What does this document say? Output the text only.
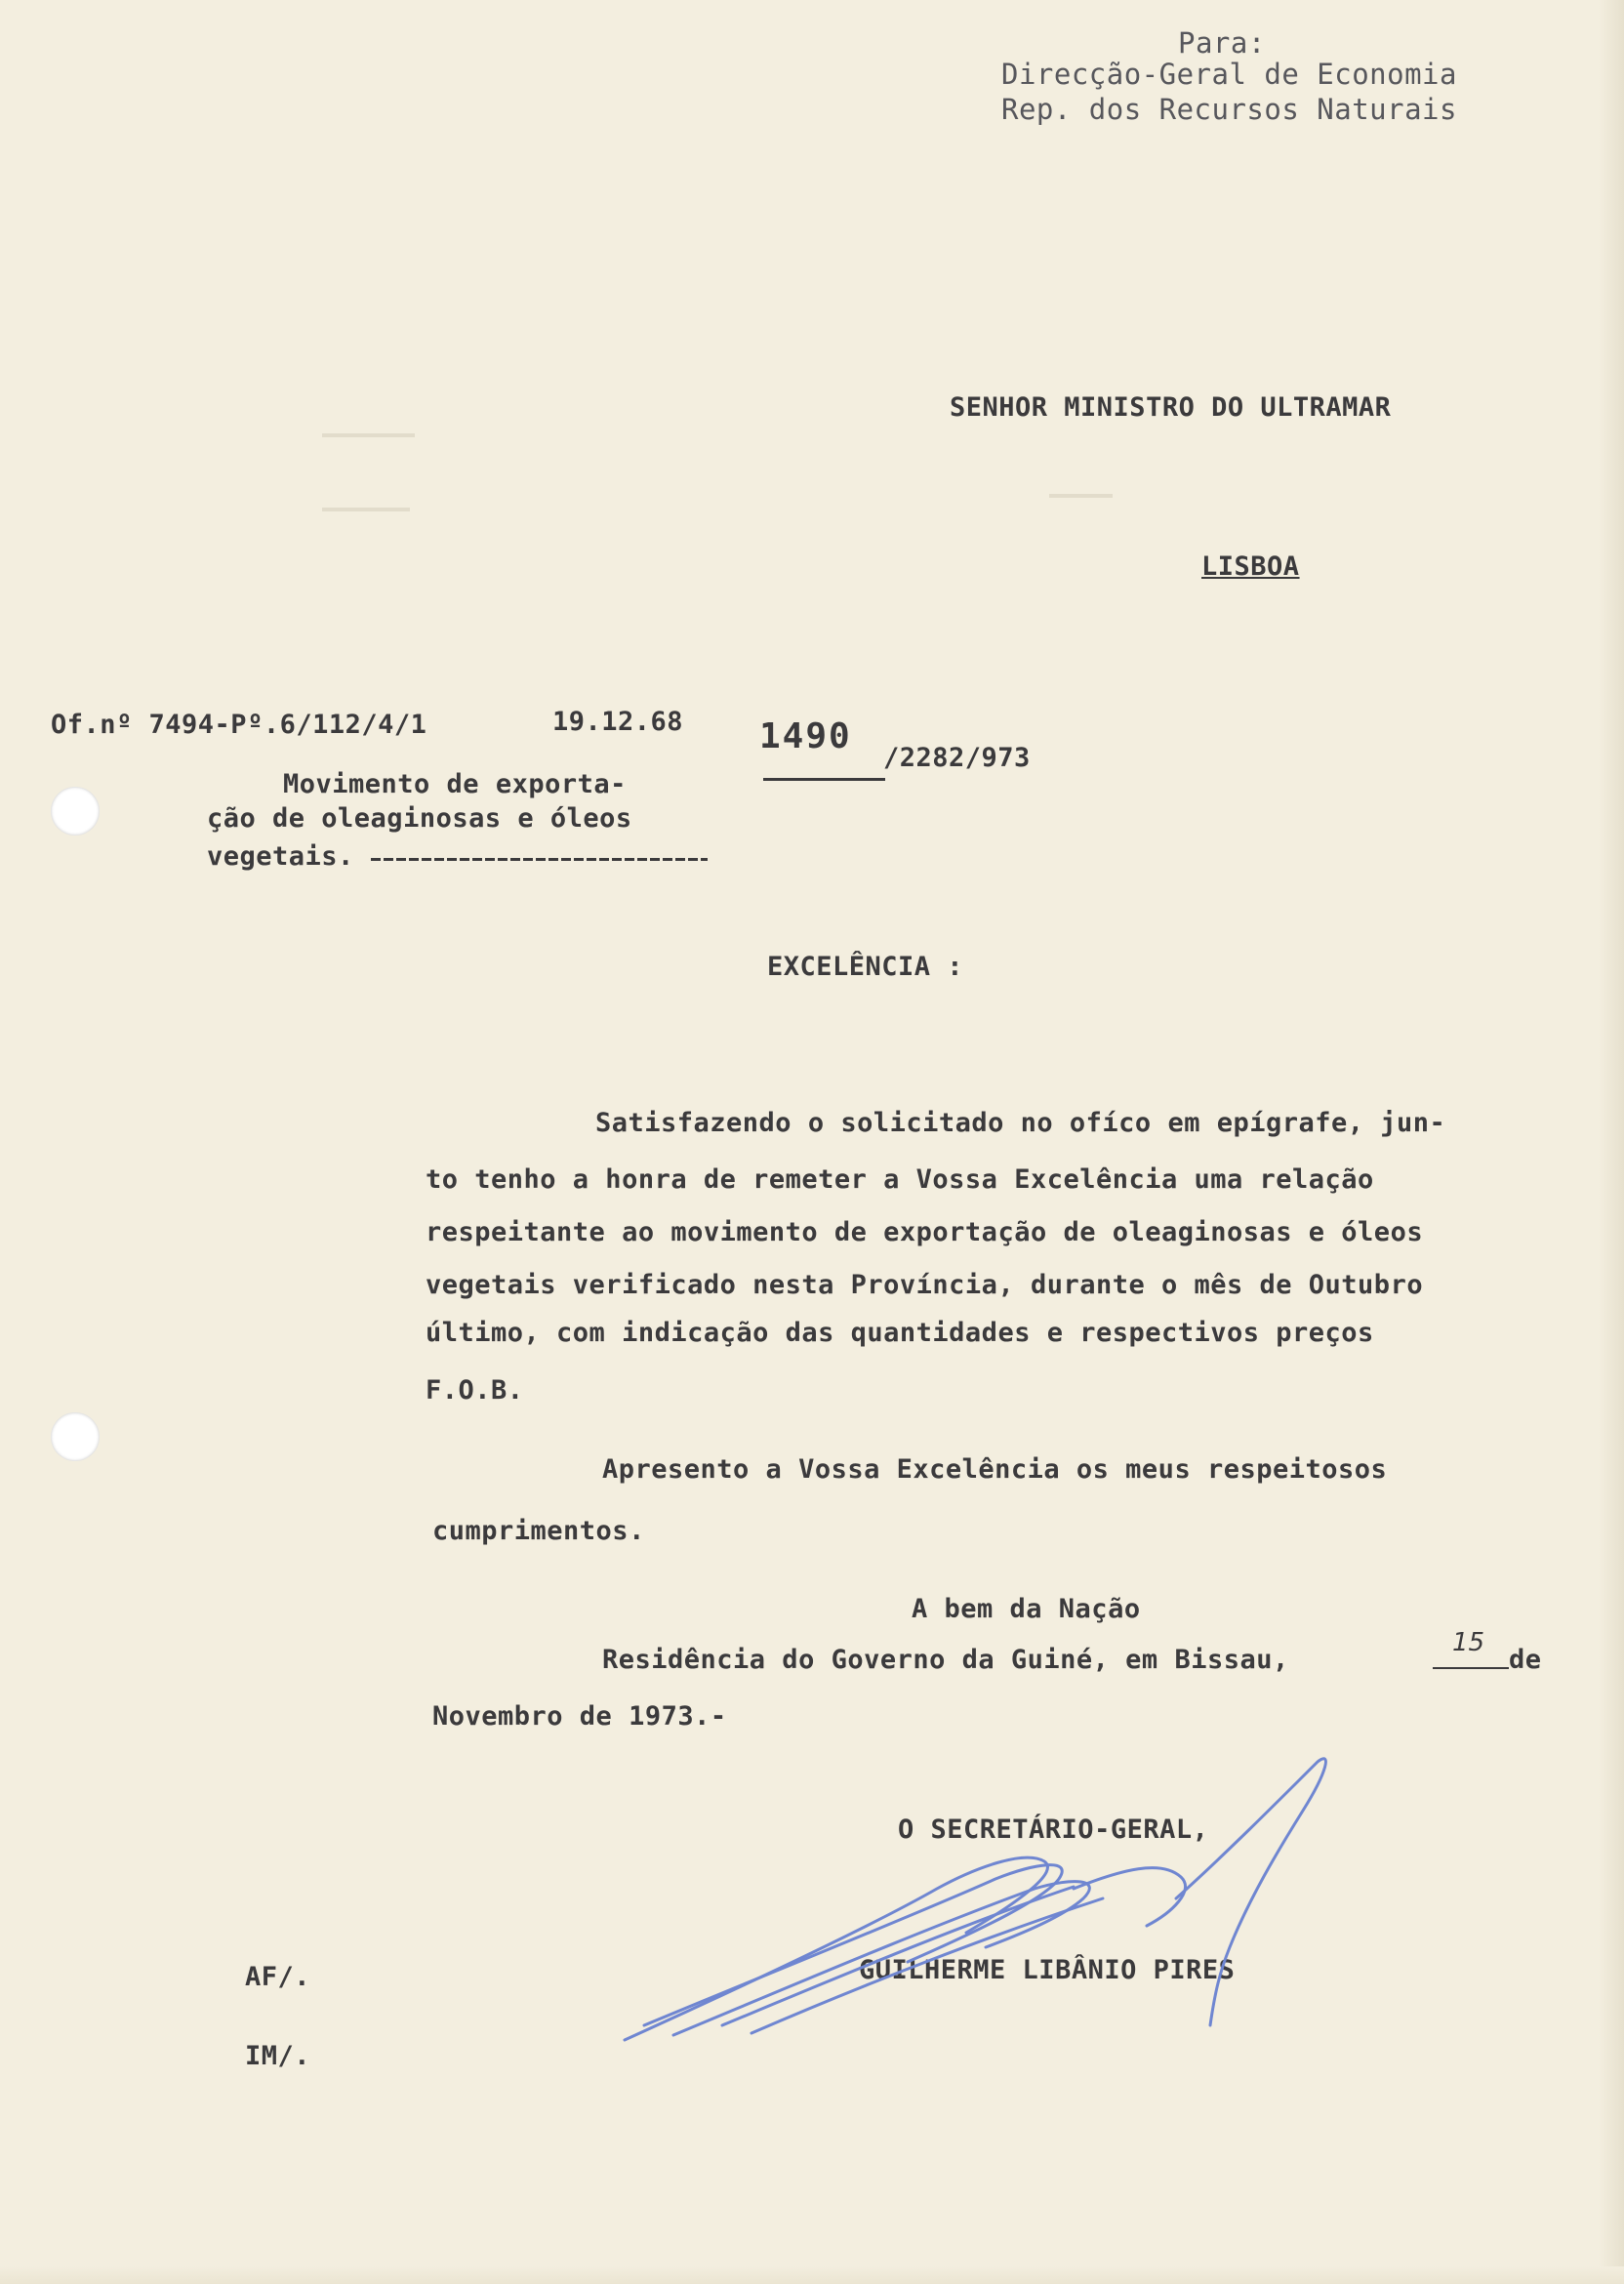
Para:
Direcção-Geral de Economia
Rep. dos Recursos Naturais
SENHOR MINISTRO DO ULTRAMAR
LISBOA
Of.nº 7494-Pº.6/112/4/1	19.12.68 1490
/2282/973
Movimento de exporta-
ção de oleaginosas e óleos
vegetais.
EXCELÊNCIA :
Satisfazendo o solicitado no ofíco em epígrafe, jun-
to tenho a honra de remeter a Vossa Excelência uma relação
respeitante ao movimento de exportação de oleaginosas e óleos
vegetais verificado nesta Província, durante o mês de Outubro
último, com indicação das quantidades e respectivos preços
F.O.B.
Apresento a Vossa Excelência os meus respeitosos
cumprimentos.
A bem da Nação
Residência do Governo da Guiné, em Bissau,
15
de
Novembro de 1973.-
O SECRETÁRIO-GERAL,
GUILHERME LIBÂNIO PIRES
AF/.
IM/.
